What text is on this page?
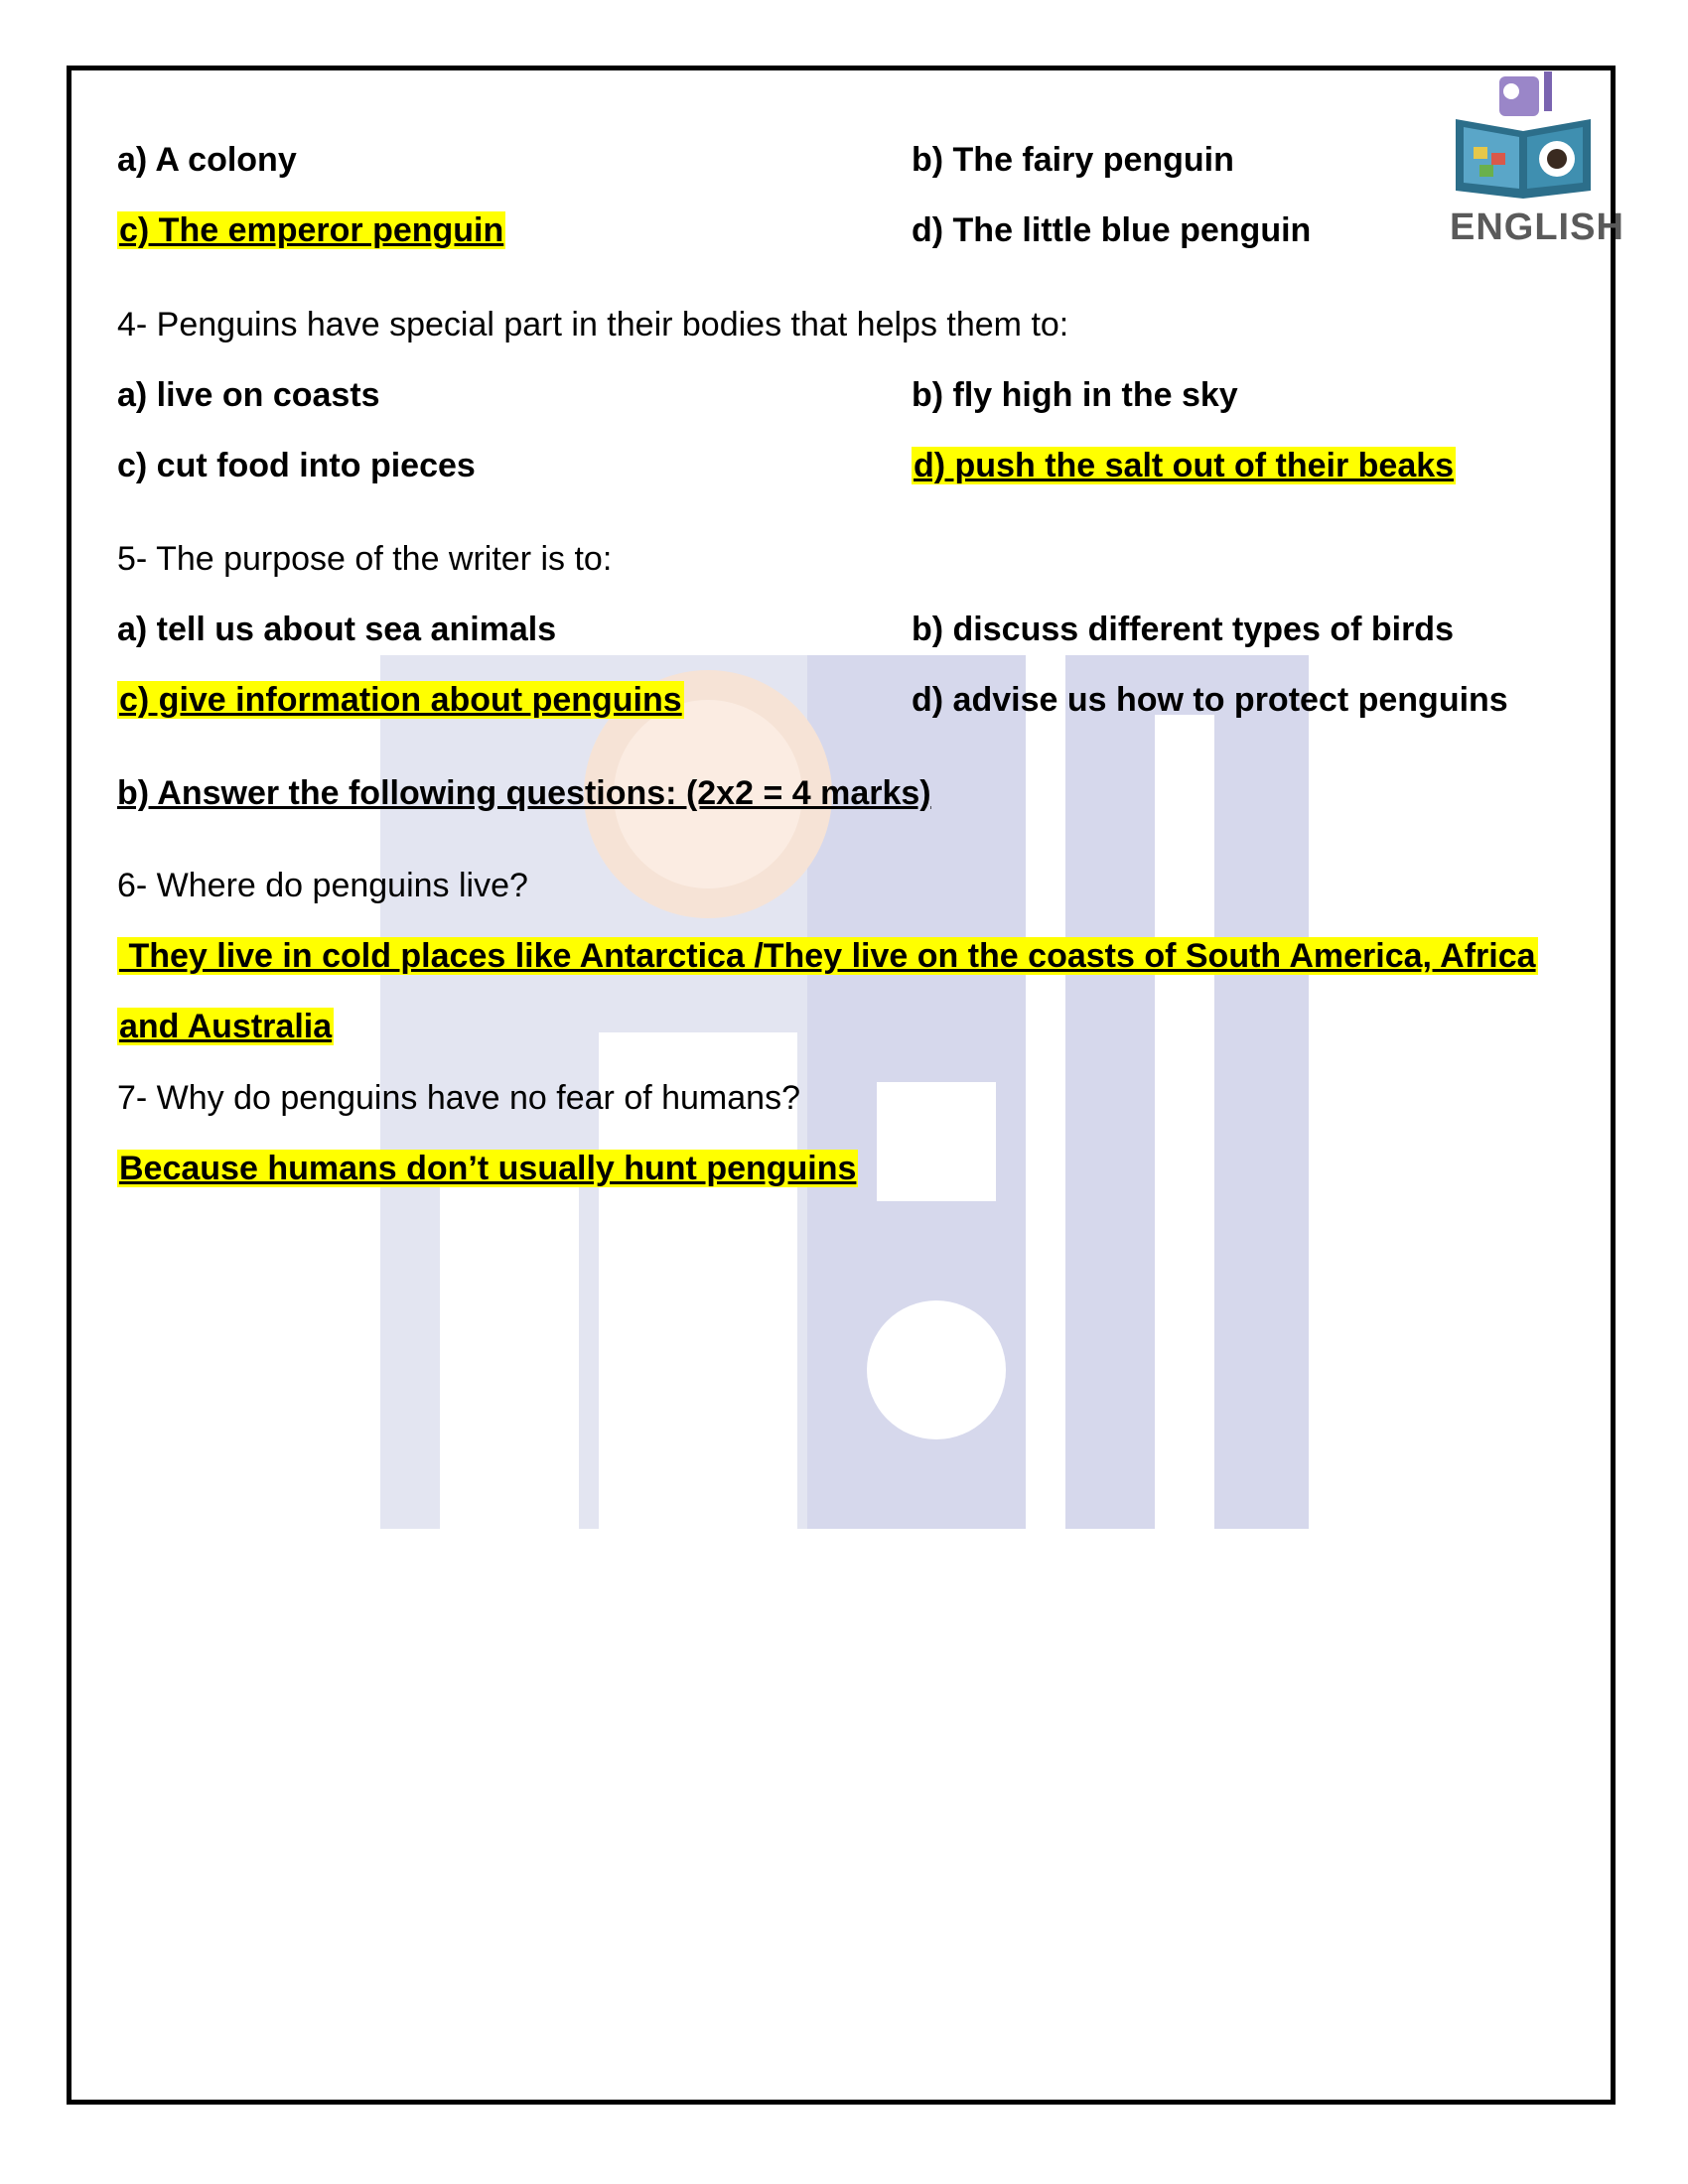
ENGLISH
a) A colony	b) The fairy penguin
c) The emperor penguin	d) The little blue penguin
4- Penguins have special part in their bodies that helps them to:
a) live on coasts	b) fly high in the sky
c) cut food into pieces	d) push the salt out of their beaks
5- The purpose of the writer is to:
a) tell us about sea animals	b) discuss different types of birds
c) give information about penguins	d) advise us how to protect penguins
b) Answer the following questions: (2x2 = 4 marks)
6- Where do penguins live?
They live in cold places like Antarctica /They live on the coasts of South America, Africa
and Australia
7- Why do penguins have no fear of humans?
Because humans don’t usually hunt penguins
